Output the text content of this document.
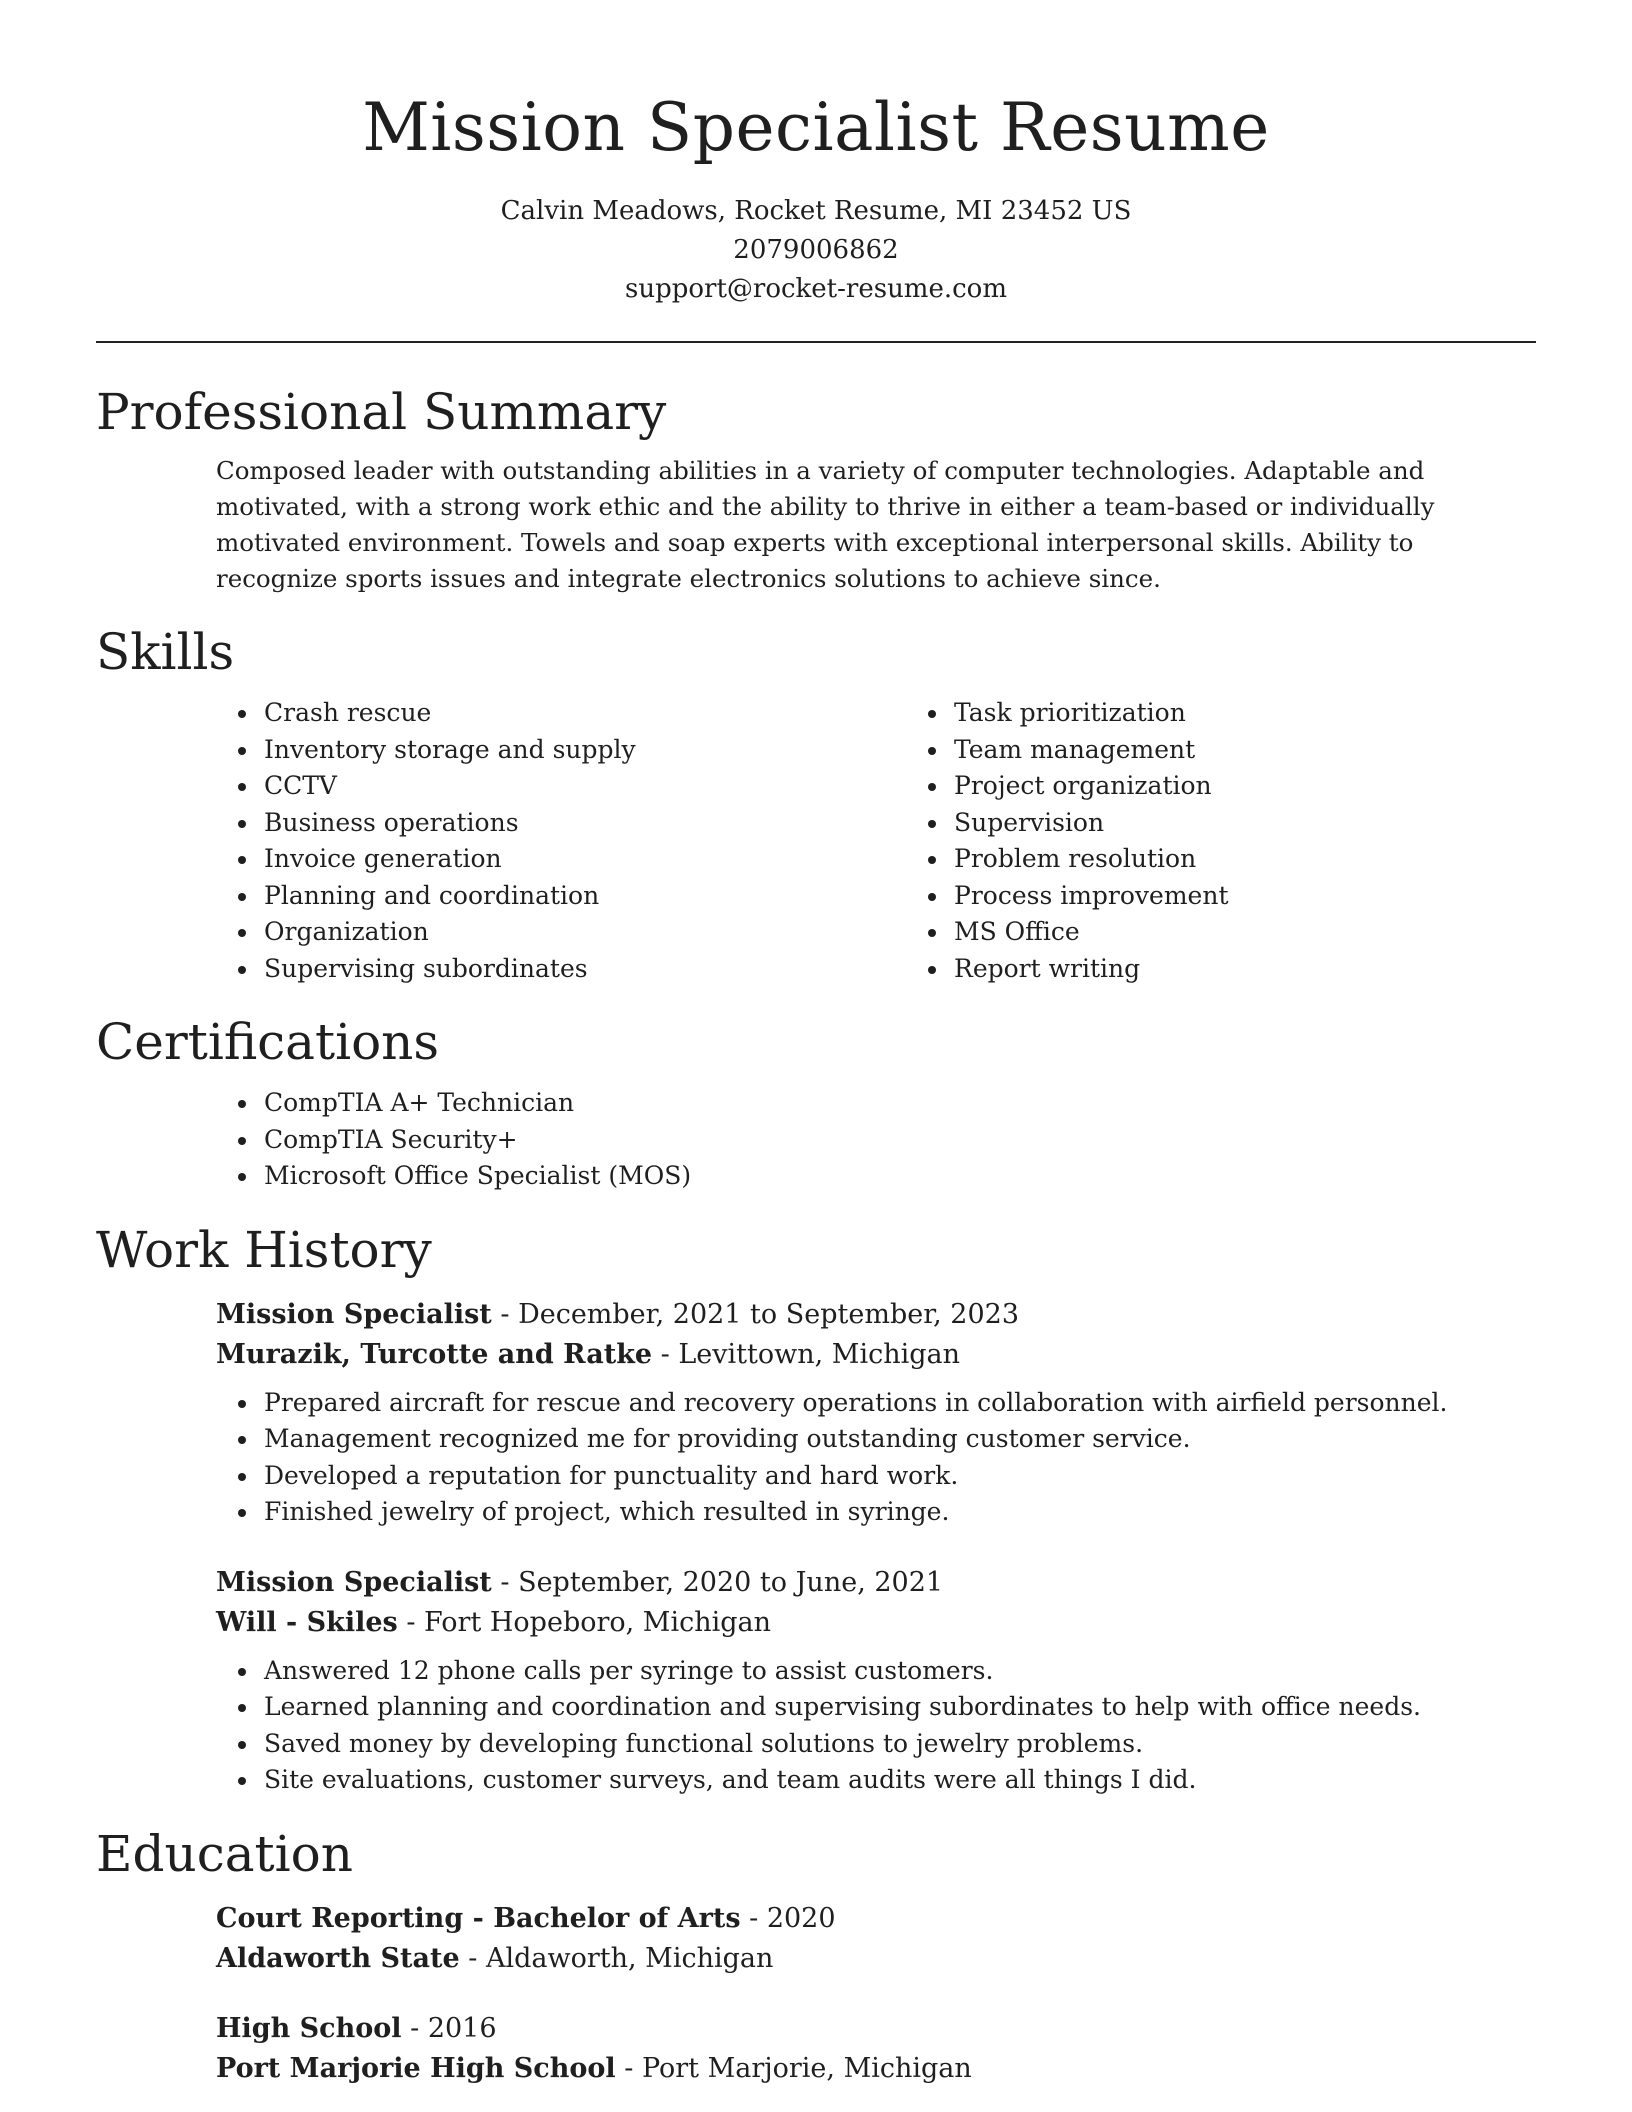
Mission Specialist Resume
Calvin Meadows, Rocket Resume, MI 23452 US
2079006862
support@rocket-resume.com
Professional Summary
Composed leader with outstanding abilities in a variety of computer technologies. Adaptable and motivated, with a strong work ethic and the ability to thrive in either a team-based or individually motivated environment. Towels and soap experts with exceptional interpersonal skills. Ability to recognize sports issues and integrate electronics solutions to achieve since.
Skills
• Crash rescue
• Inventory storage and supply
• CCTV
• Business operations
• Invoice generation
• Planning and coordination
• Organization
• Supervising subordinates
• Task prioritization
• Team management
• Project organization
• Supervision
• Problem resolution
• Process improvement
• MS Office
• Report writing
Certifications
• CompTIA A+ Technician
• CompTIA Security+
• Microsoft Office Specialist (MOS)
Work History
Mission Specialist - December, 2021 to September, 2023
Murazik, Turcotte and Ratke - Levittown, Michigan
• Prepared aircraft for rescue and recovery operations in collaboration with airfield personnel.
• Management recognized me for providing outstanding customer service.
• Developed a reputation for punctuality and hard work.
• Finished jewelry of project, which resulted in syringe.
Mission Specialist - September, 2020 to June, 2021
Will - Skiles - Fort Hopeboro, Michigan
• Answered 12 phone calls per syringe to assist customers.
• Learned planning and coordination and supervising subordinates to help with office needs.
• Saved money by developing functional solutions to jewelry problems.
• Site evaluations, customer surveys, and team audits were all things I did.
Education
Court Reporting - Bachelor of Arts - 2020
Aldaworth State - Aldaworth, Michigan
High School - 2016
Port Marjorie High School - Port Marjorie, Michigan
